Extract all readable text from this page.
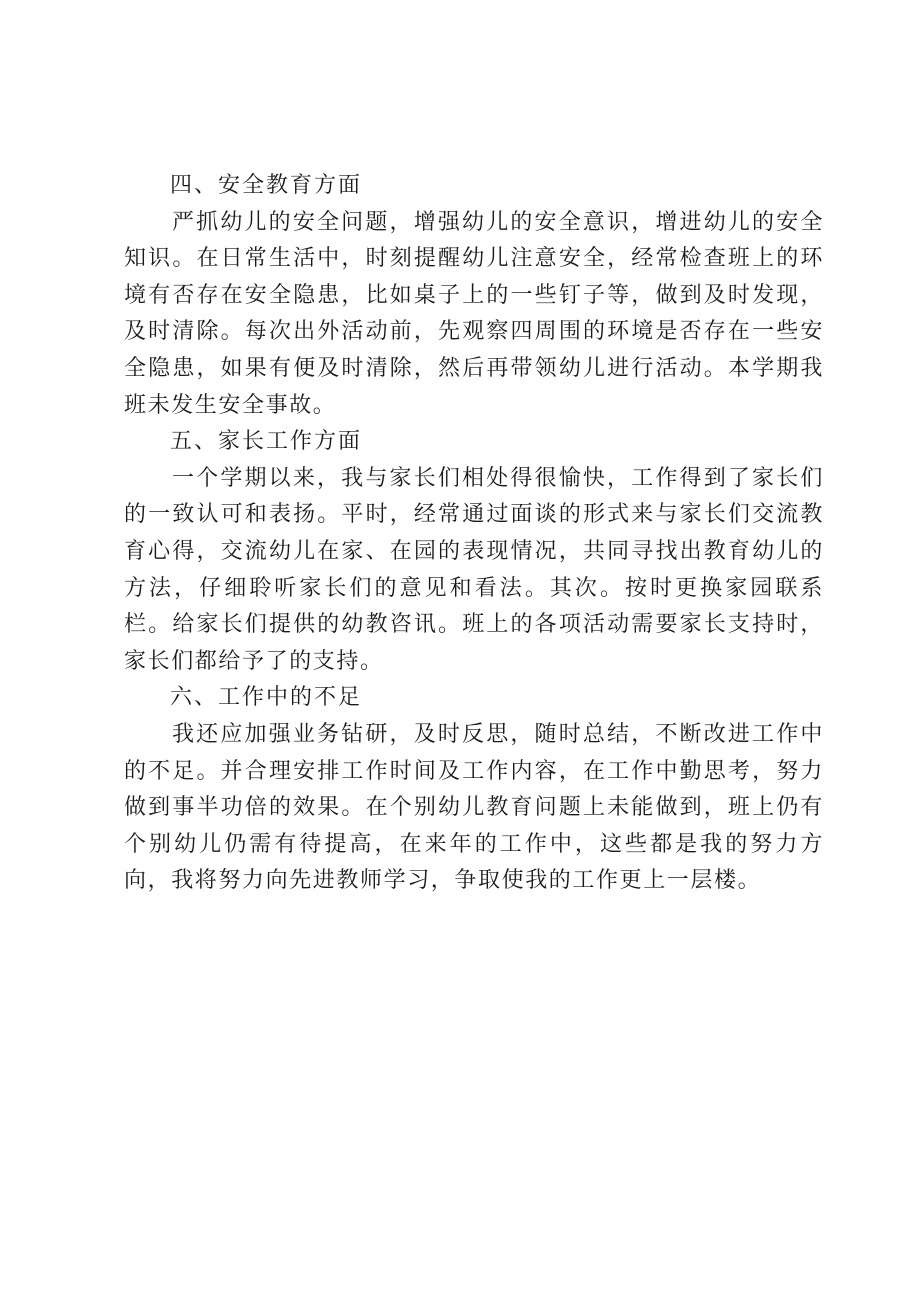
四、安全教育方面

严抓幼儿的安全问题，增强幼儿的安全意识，增进幼儿的安全知识。在日常生活中，时刻提醒幼儿注意安全，经常检查班上的环境有否存在安全隐患，比如桌子上的一些钉子等，做到及时发现，及时清除。每次出外活动前，先观察四周围的环境是否存在一些安全隐患，如果有便及时清除，然后再带领幼儿进行活动。本学期我班未发生安全事故。

五、家长工作方面

一个学期以来，我与家长们相处得很愉快，工作得到了家长们的一致认可和表扬。平时，经常通过面谈的形式来与家长们交流教育心得，交流幼儿在家、在园的表现情况，共同寻找出教育幼儿的方法，仔细聆听家长们的意见和看法。其次。按时更换家园联系栏。给家长们提供的幼教咨讯。班上的各项活动需要家长支持时，家长们都给予了的支持。

六、工作中的不足

我还应加强业务钻研，及时反思，随时总结，不断改进工作中的不足。并合理安排工作时间及工作内容，在工作中勤思考，努力做到事半功倍的效果。在个别幼儿教育问题上未能做到，班上仍有个别幼儿仍需有待提高，在来年的工作中，这些都是我的努力方向，我将努力向先进教师学习，争取使我的工作更上一层楼。
